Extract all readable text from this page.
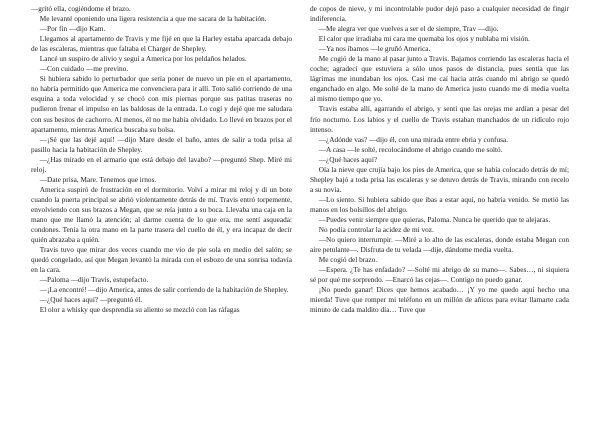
—gritó ella, cogiéndome el brazo.

Me levanté oponiendo una ligera resistencia a que me sacara de la habitación.

—Por fin —dijo Kam.

Llegamos al apartamento de Travis y me fijé en que la Harley estaba aparcada debajo de las escaleras, mientras que faltaba el Charger de Shepley.

Lancé un suspiro de alivio y seguí a America por los peldaños helados.

—Con cuidado —me previno.

Si hubiera sabido lo perturbador que sería poner de nuevo un pie en el apartamento, no habría permitido que America me convenciera para ir allí. Toto salió corriendo de una esquina a toda velocidad y se chocó con mis piernas porque sus patitas traseras no pudieron frenar el impulso en las baldosas de la entrada. Lo cogí y dejé que me saludara con sus besitos de cachorro. Al menos, él no me había olvidado. Lo llevé en brazos por el apartamento, mientras America buscaba su bolsa.

—¡Sé que las dejé aquí! —dijo Mare desde el baño, antes de salir a toda prisa al pasillo hacia la habitación de Shepley.

—¿Has mirado en el armario que está debajo del lavabo? —preguntó Shep. Miré mi reloj.

—Date prisa, Mare. Tenemos que irnos.

America suspiró de frustración en el dormitorio. Volví a mirar mi reloj y di un bote cuando la puerta principal se abrió violentamente detrás de mí. Travis entró torpemente, envolviendo con sus brazos a Megan, que se reía junto a su boca. Llevaba una caja en la mano que me llamó la atención; al darme cuenta de lo que era, me sentí asqueada: condones. Tenía la otra mano en la parte trasera del cuello de él, y era incapaz de decir quién abrazaba a quién.

Travis tuvo que mirar dos veces cuando me vio de pie sola en medio del salón; se quedó congelado, así que Megan levantó la mirada con el esbozo de una sonrisa todavía en la cara.

—Paloma —dijo Travis, estupefacto.

—¡La encontré! —dijo America, antes de salir corriendo de la habitación de Shepley.

—¿Qué haces aquí? —preguntó él.

El olor a whisky que desprendía su aliento se mezcló con las ráfagas

de copos de nieve, y mi incontrolable pudor dejó paso a cualquier necesidad de fingir indiferencia.

—Me alegra ver que vuelves a ser el de siempre, Trav —dijo.

El calor que irradiaba mi cara me quemaba los ojos y nublaba mi visión.

—Ya nos íbamos —le gruñó America.

Me cogió de la mano al pasar junto a Travis. Bajamos corriendo las escaleras hacia el coche; agradecí que estuviera a sólo unos pasos de distancia, pues sentía que las lágrimas me inundaban los ojos. Casi me caí hacia atrás cuando mi abrigo se quedó enganchado en algo. Me solté de la mano de America justo cuando me di media vuelta al mismo tiempo que yo.

Travis estaba allí, agarrando el abrigo, y sentí que las orejas me ardían a pesar del frío nocturno. Los labios y el cuello de Travis estaban manchados de un ridículo rojo intenso.

—¿Adónde vas? —dijo él, con una mirada entre ebria y confusa.

—A casa —le solté, recolocándome el abrigo cuando me soltó.

—¿Qué haces aquí?

Oía la nieve que crujía bajo los pies de America, que se había colocado detrás de mí; Shepley bajó a toda prisa las escaleras y se detuvo detrás de Travis, mirando con recelo a su novia.

—Lo siento. Si hubiera sabido que ibas a estar aquí, no habría venido. Se metió las manos en los bolsillos del abrigo.

—Puedes venir siempre que quieras, Paloma. Nunca he querido que te alejaras.

No podía controlar la acidez de mi voz.

—No quiero interrumpir. —Miré a lo alto de las escaleras, donde estaba Megan con aire petulante—. Disfruta de tu velada —dije, dándome media vuelta.

Me cogió del brazo.

—Espera. ¿Te has enfadado? —Solté mi abrigo de su mano—. Sabes…, ni siquiera sé por qué me sorprendo. —Enarcó las cejas—. Contigo no puedo ganar.

¡No puedo ganar! Dices que hemos acabado… ¡Y yo me quedo aquí hecho una mierda! Tuve que romper mi teléfono en un millón de añicos para evitar llamarte cada minuto de cada maldito día… Tuve que
